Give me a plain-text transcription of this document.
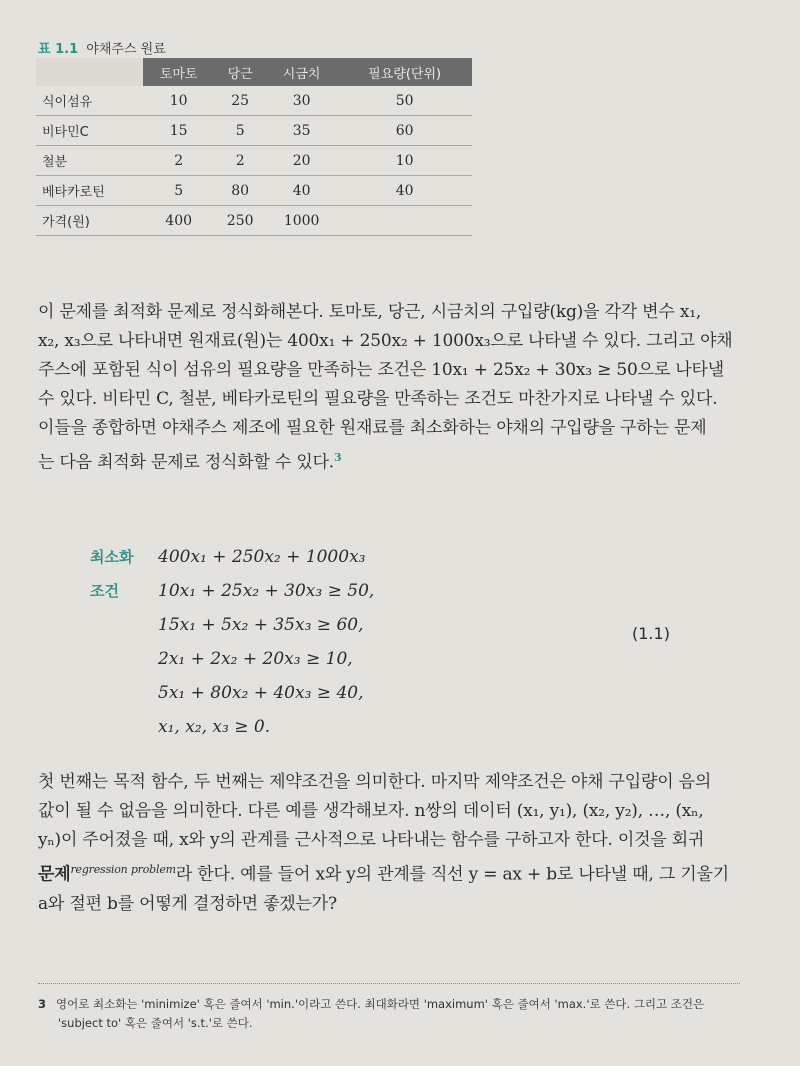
표 1.1 야채주스 원료
	토마토	당근	시금치	필요량(단위)
식이섬유	10	25	30	50
비타민C	15	5	35	60
철분	2	2	20	10
베타카로틴	5	80	40	40
가격(원)	400	250	1000	

이 문제를 최적화 문제로 정식화해본다. 토마토, 당근, 시금치의 구입량(kg)을 각각 변수 x₁,

x₂, x₃으로 나타내면 원재료(원)는 400x₁ + 250x₂ + 1000x₃으로 나타낼 수 있다. 그리고 야채

주스에 포함된 식이 섬유의 필요량을 만족하는 조건은 10x₁ + 25x₂ + 30x₃ ≥ 50으로 나타낼

수 있다. 비타민 C, 철분, 베타카로틴의 필요량을 만족하는 조건도 마찬가지로 나타낼 수 있다.

이들을 종합하면 야채주스 제조에 필요한 원재료를 최소화하는 야채의 구입량을 구하는 문제

는 다음 최적화 문제로 정식화할 수 있다.$^3$

최소화	400x₁ + 250x₂ + 1000x₃
조건	10x₁ + 25x₂ + 30x₃ ≥ 50,
15x₁ + 5x₂ + 35x₃ ≥ 60,
2x₁ + 2x₂ + 20x₃ ≥ 10,
5x₁ + 80x₂ + 40x₃ ≥ 40,
x₁, x₂, x₃ ≥ 0.
(1.1)

첫 번째는 목적 함수, 두 번째는 제약조건을 의미한다. 마지막 제약조건은 야채 구입량이 음의

값이 될 수 없음을 의미한다. 다른 예를 생각해보자. n쌍의 데이터 (x₁, y₁), (x₂, y₂), …, (xₙ,

yₙ)이 주어졌을 때, x와 y의 관계를 근사적으로 나타내는 함수를 구하고자 한다. 이것을 회귀

문제$^{regression problem}$라 한다. 예를 들어 x와 y의 관계를 직선 y = ax + b로 나타낼 때, 그 기울기

a와 절편 b를 어떻게 결정하면 좋겠는가?

3 영어로 최소화는 'minimize' 혹은 줄여서 'min.'이라고 쓴다. 최대화라면 'maximum' 혹은 줄여서 'max.'로 쓴다. 그리고 조건은
'subject to' 혹은 줄여서 's.t.'로 쓴다.
